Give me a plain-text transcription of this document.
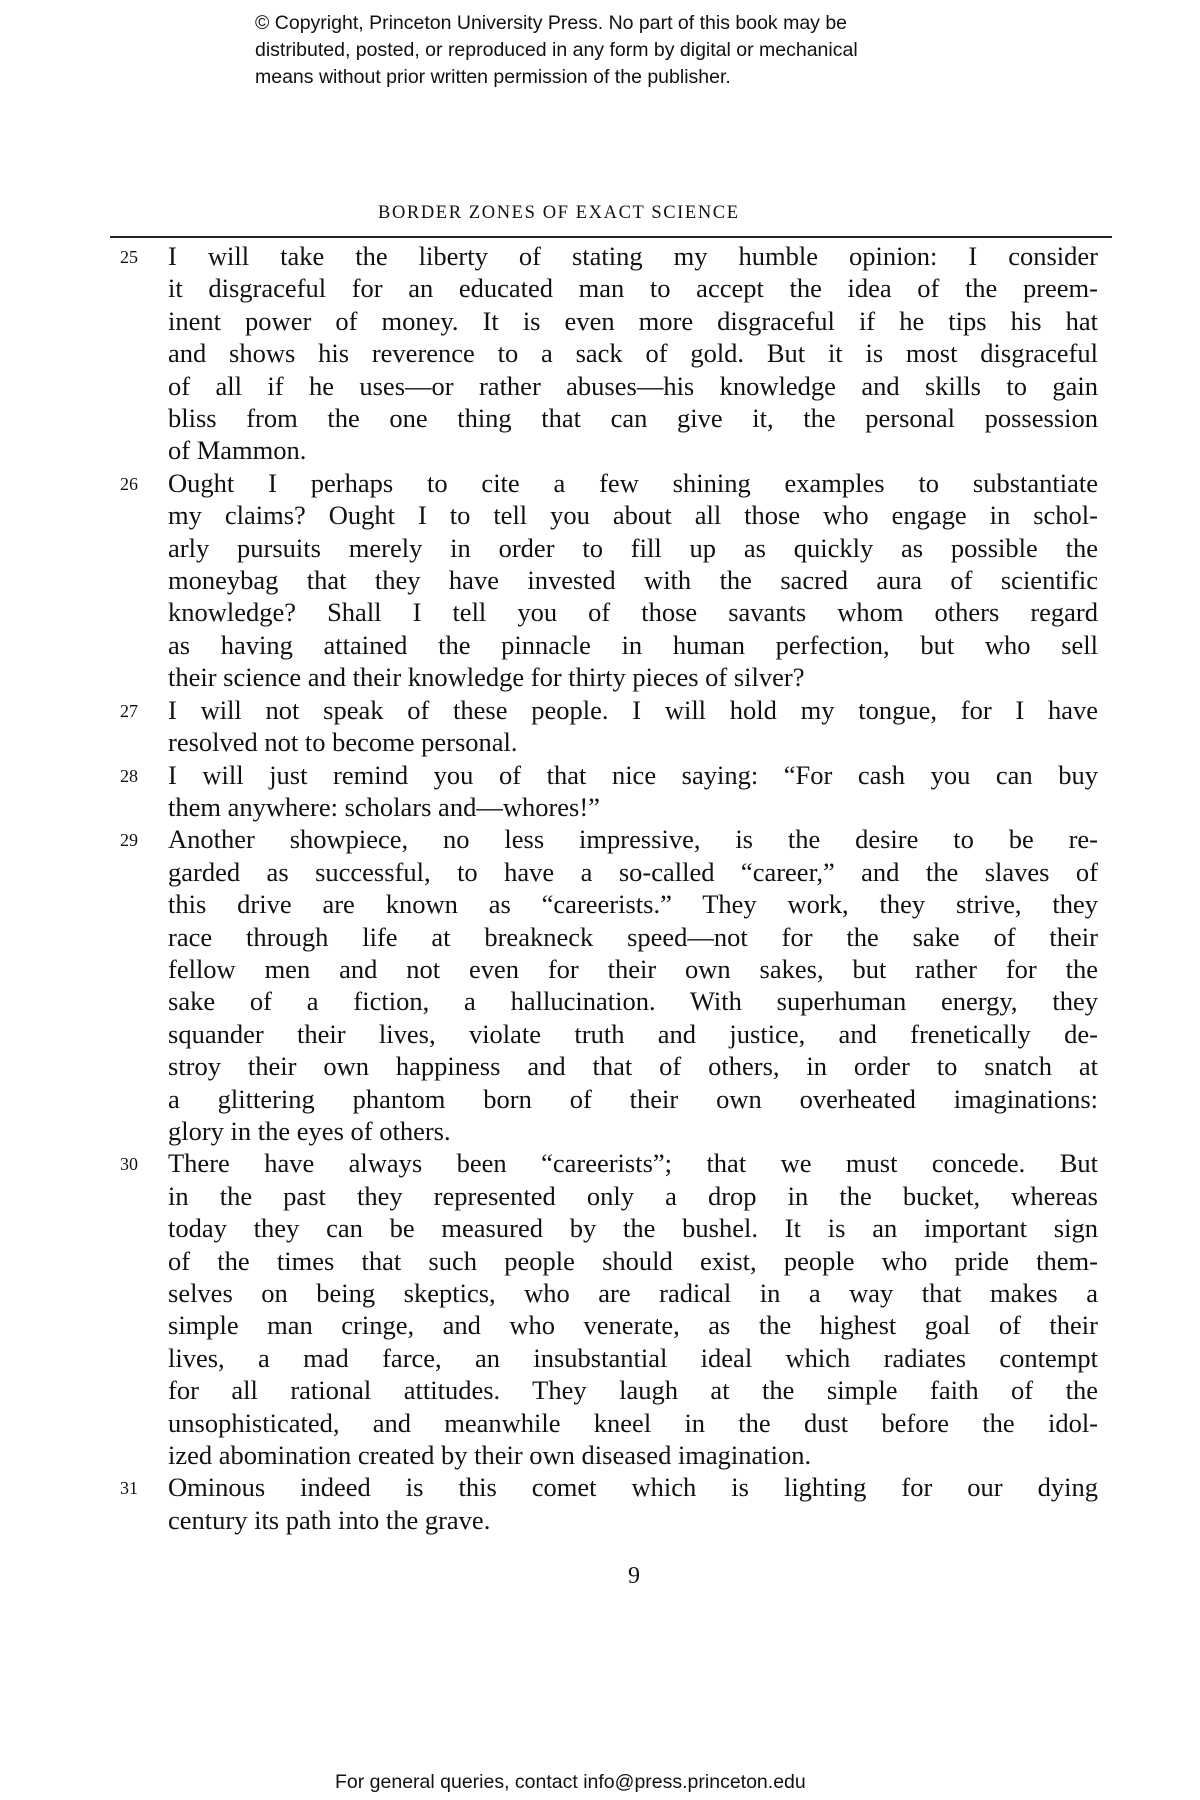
© Copyright, Princeton University Press. No part of this book may be
distributed, posted, or reproduced in any form by digital or mechanical
means without prior written permission of the publisher.
BORDER ZONES OF EXACT SCIENCE
25 I will take the liberty of stating my humble opinion: I consider
it disgraceful for an educated man to accept the idea of the preem-
inent power of money. It is even more disgraceful if he tips his hat
and shows his reverence to a sack of gold. But it is most disgraceful
of all if he uses—or rather abuses—his knowledge and skills to gain
bliss from the one thing that can give it, the personal possession
of Mammon.
26 Ought I perhaps to cite a few shining examples to substantiate
my claims? Ought I to tell you about all those who engage in schol-
arly pursuits merely in order to fill up as quickly as possible the
moneybag that they have invested with the sacred aura of scientific
knowledge? Shall I tell you of those savants whom others regard
as having attained the pinnacle in human perfection, but who sell
their science and their knowledge for thirty pieces of silver?
27 I will not speak of these people. I will hold my tongue, for I have
resolved not to become personal.
28 I will just remind you of that nice saying: “For cash you can buy
them anywhere: scholars and—whores!”
29 Another showpiece, no less impressive, is the desire to be re-
garded as successful, to have a so-called “career,” and the slaves of
this drive are known as “careerists.” They work, they strive, they
race through life at breakneck speed—not for the sake of their
fellow men and not even for their own sakes, but rather for the
sake of a fiction, a hallucination. With superhuman energy, they
squander their lives, violate truth and justice, and frenetically de-
stroy their own happiness and that of others, in order to snatch at
a glittering phantom born of their own overheated imaginations:
glory in the eyes of others.
30 There have always been “careerists”; that we must concede. But
in the past they represented only a drop in the bucket, whereas
today they can be measured by the bushel. It is an important sign
of the times that such people should exist, people who pride them-
selves on being skeptics, who are radical in a way that makes a
simple man cringe, and who venerate, as the highest goal of their
lives, a mad farce, an insubstantial ideal which radiates contempt
for all rational attitudes. They laugh at the simple faith of the
unsophisticated, and meanwhile kneel in the dust before the idol-
ized abomination created by their own diseased imagination.
31 Ominous indeed is this comet which is lighting for our dying
century its path into the grave.
9
For general queries, contact info@press.princeton.edu
